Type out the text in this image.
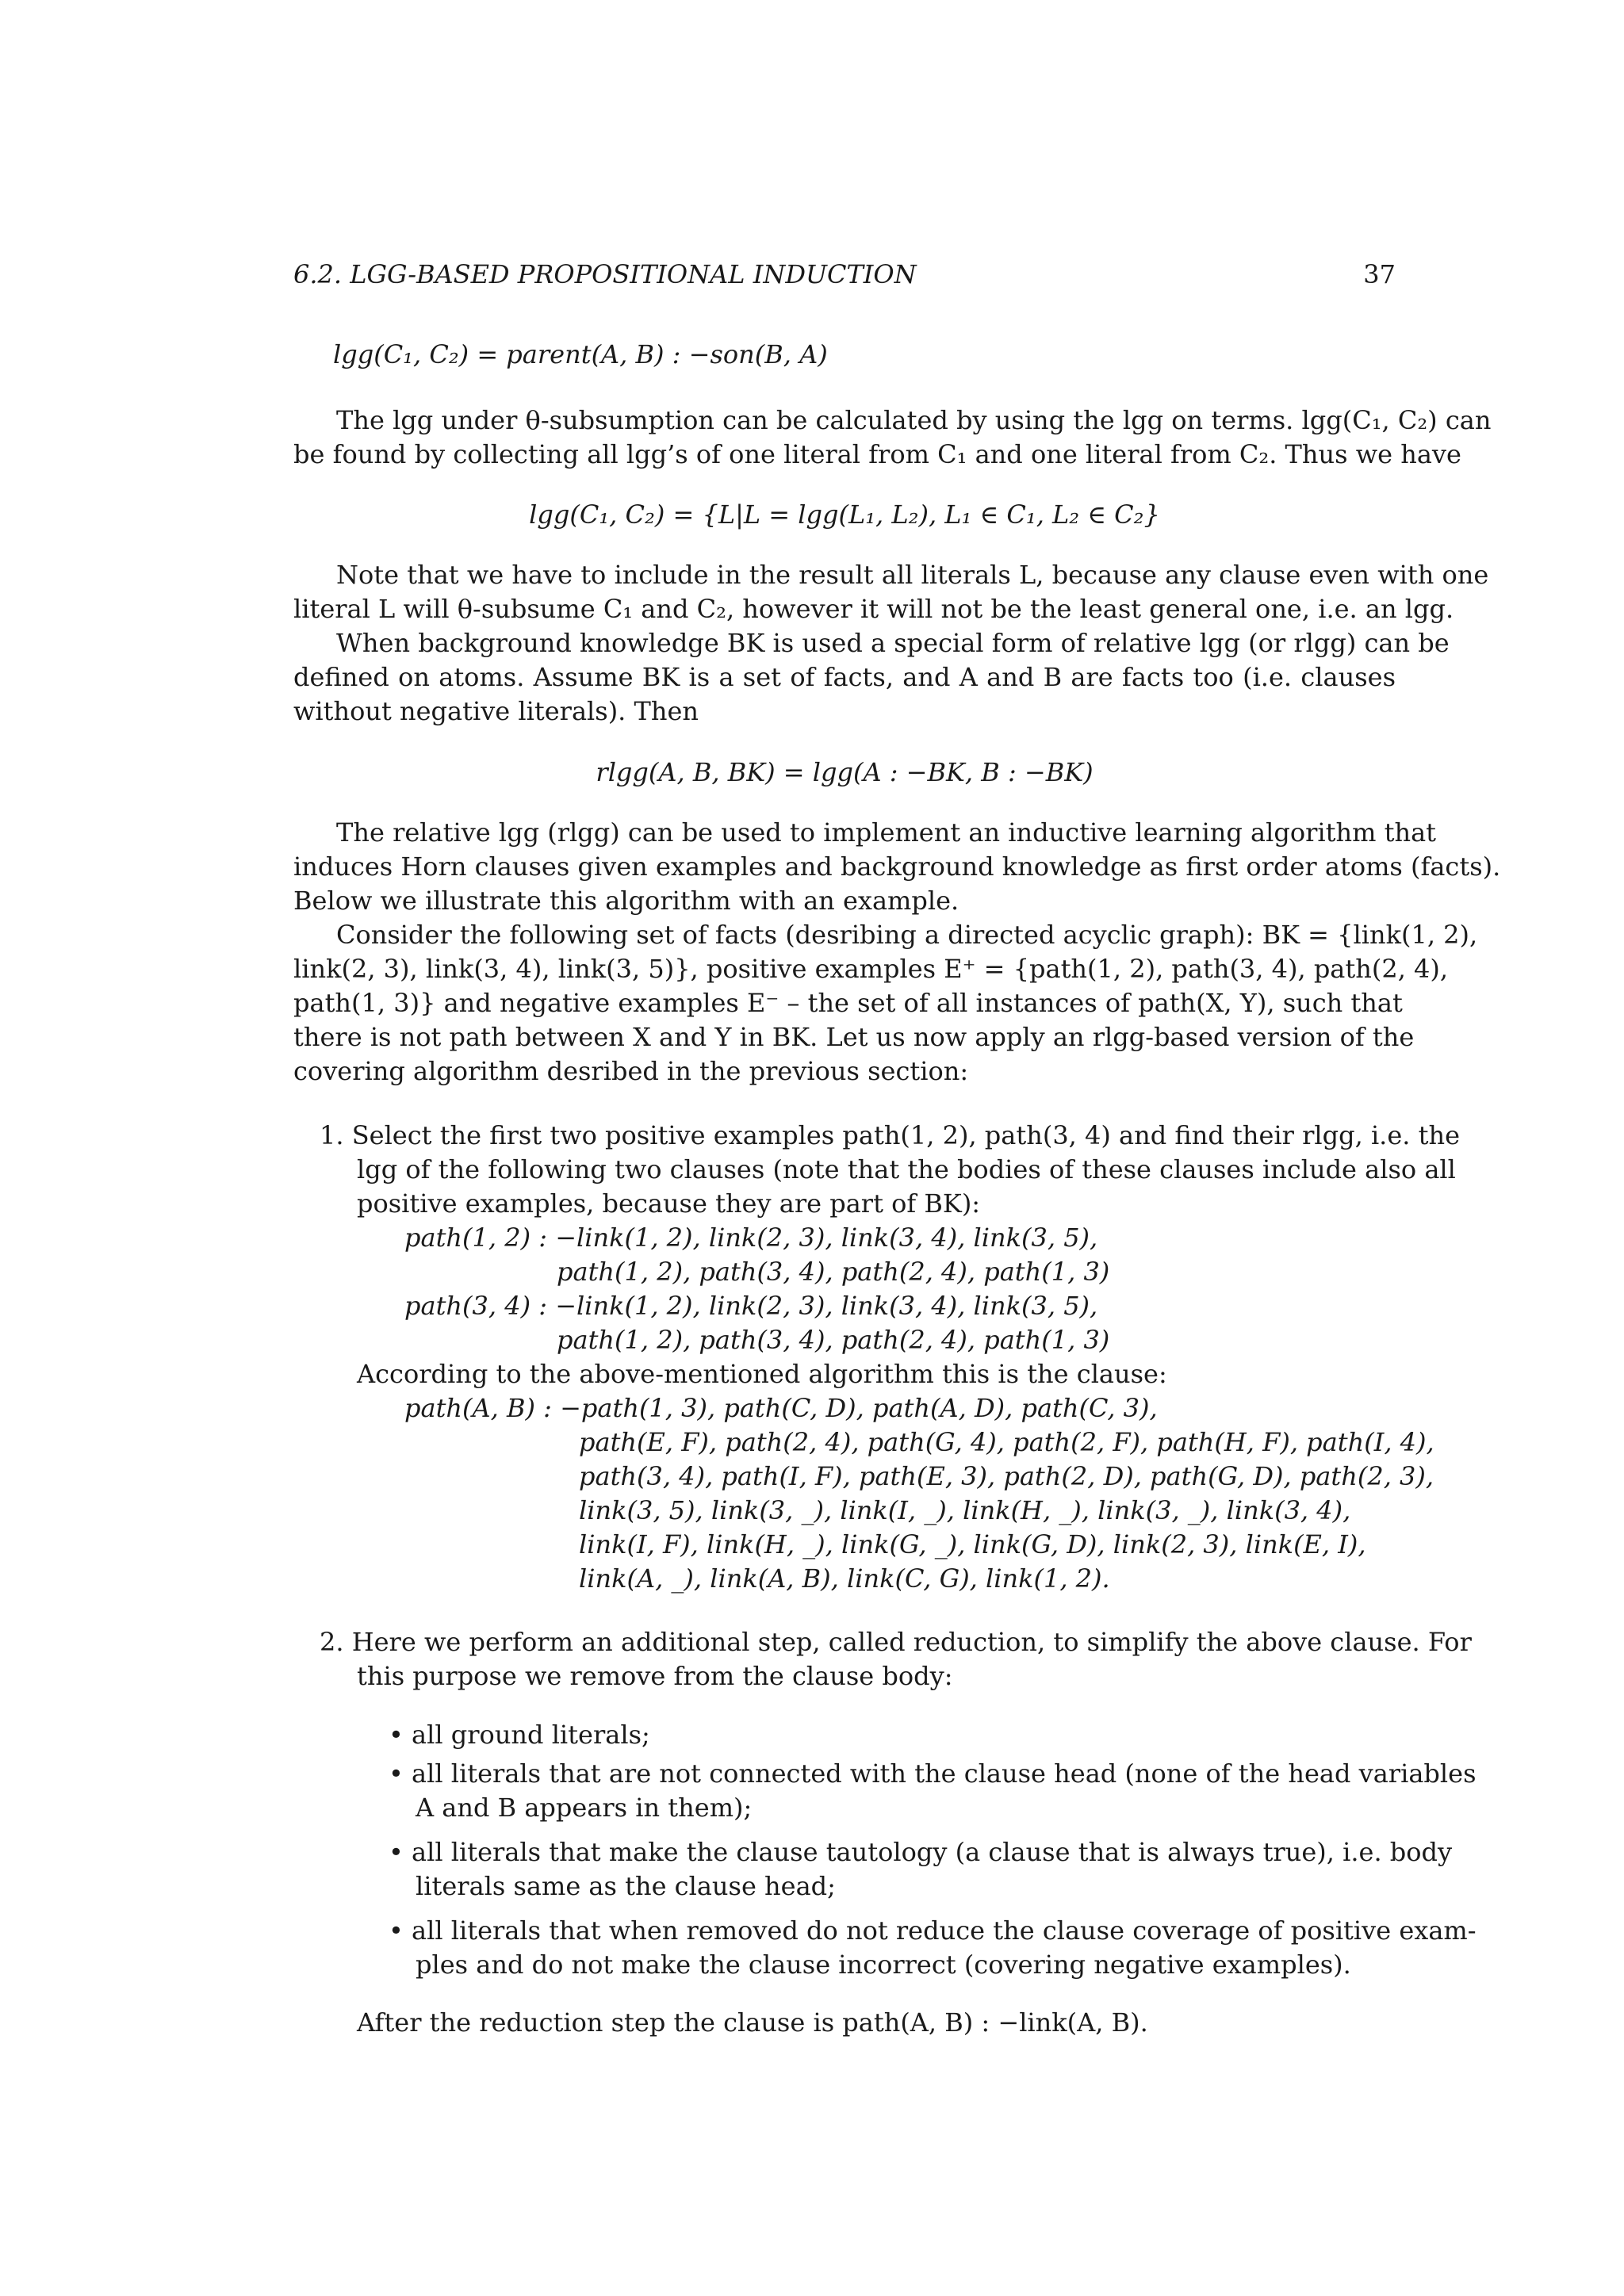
6.2. LGG-BASED PROPOSITIONAL INDUCTION	37
lgg(C₁, C₂) = parent(A, B) : −son(B, A)
The lgg under θ-subsumption can be calculated by using the lgg on terms. lgg(C₁, C₂) can
be found by collecting all lgg’s of one literal from C₁ and one literal from C₂. Thus we have
lgg(C₁, C₂) = {L|L = lgg(L₁, L₂), L₁ ∈ C₁, L₂ ∈ C₂}
Note that we have to include in the result all literals L, because any clause even with one
literal L will θ-subsume C₁ and C₂, however it will not be the least general one, i.e. an lgg.
When background knowledge BK is used a special form of relative lgg (or rlgg) can be
defined on atoms. Assume BK is a set of facts, and A and B are facts too (i.e. clauses
without negative literals). Then
rlgg(A, B, BK) = lgg(A : −BK, B : −BK)
The relative lgg (rlgg) can be used to implement an inductive learning algorithm that
induces Horn clauses given examples and background knowledge as first order atoms (facts).
Below we illustrate this algorithm with an example.
Consider the following set of facts (desribing a directed acyclic graph): BK = {link(1, 2),
link(2, 3), link(3, 4), link(3, 5)}, positive examples E⁺ = {path(1, 2), path(3, 4), path(2, 4),
path(1, 3)} and negative examples E⁻ – the set of all instances of path(X, Y), such that
there is not path between X and Y in BK. Let us now apply an rlgg-based version of the
covering algorithm desribed in the previous section:
1. Select the first two positive examples path(1, 2), path(3, 4) and find their rlgg, i.e. the
lgg of the following two clauses (note that the bodies of these clauses include also all
positive examples, because they are part of BK):
path(1, 2) : −link(1, 2), link(2, 3), link(3, 4), link(3, 5),
path(1, 2), path(3, 4), path(2, 4), path(1, 3)
path(3, 4) : −link(1, 2), link(2, 3), link(3, 4), link(3, 5),
path(1, 2), path(3, 4), path(2, 4), path(1, 3)
According to the above-mentioned algorithm this is the clause:
path(A, B) : −path(1, 3), path(C, D), path(A, D), path(C, 3),
path(E, F), path(2, 4), path(G, 4), path(2, F), path(H, F), path(I, 4),
path(3, 4), path(I, F), path(E, 3), path(2, D), path(G, D), path(2, 3),
link(3, 5), link(3, _), link(I, _), link(H, _), link(3, _), link(3, 4),
link(I, F), link(H, _), link(G, _), link(G, D), link(2, 3), link(E, I),
link(A, _), link(A, B), link(C, G), link(1, 2).
2. Here we perform an additional step, called reduction, to simplify the above clause. For
this purpose we remove from the clause body:
• all ground literals;
• all literals that are not connected with the clause head (none of the head variables
A and B appears in them);
• all literals that make the clause tautology (a clause that is always true), i.e. body
literals same as the clause head;
• all literals that when removed do not reduce the clause coverage of positive exam-
ples and do not make the clause incorrect (covering negative examples).
After the reduction step the clause is path(A, B) : −link(A, B).
